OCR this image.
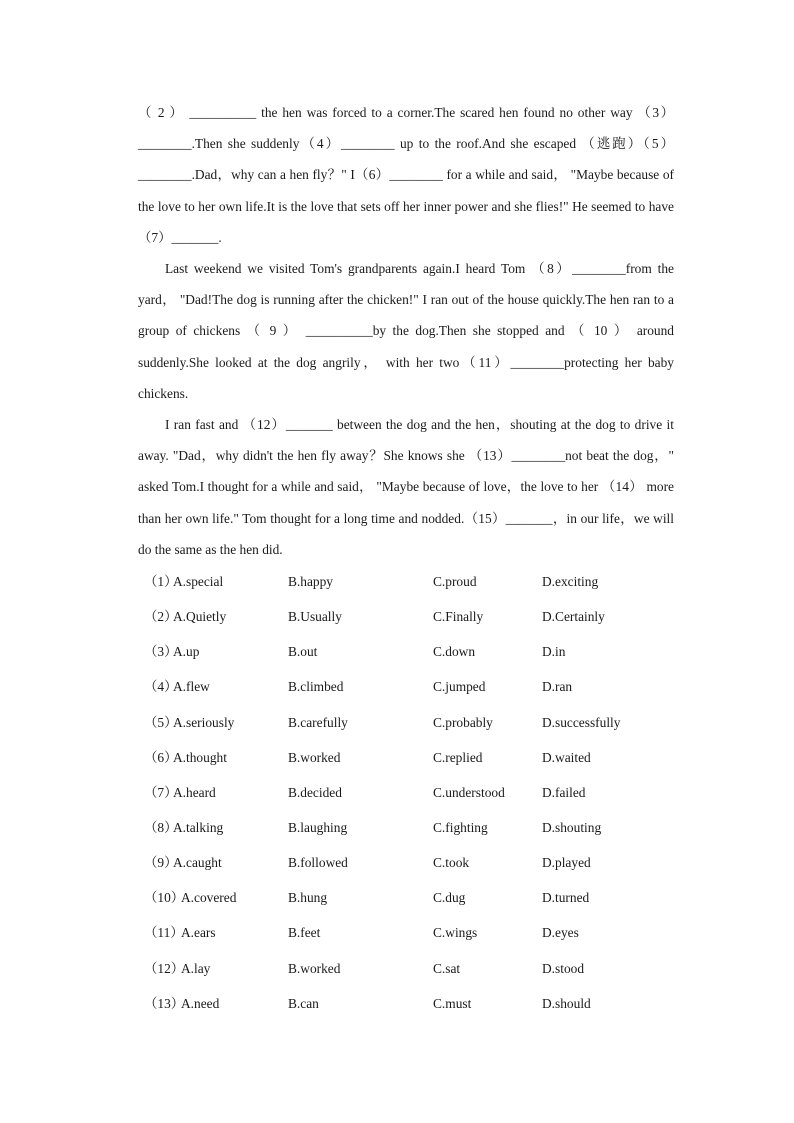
（ 2 ） __________ the hen was forced to a corner.The scared hen found no other way （3）________.Then she suddenly（4）________ up to the roof.And she escaped （逃跑）（5）________.Dad，why can a hen fly？" I（6）________ for a while and said， "Maybe because of the love to her own life.It is the love that sets off her inner power and she flies!" He seemed to have（7）_______.

Last weekend we visited Tom's grandparents again.I heard Tom （8）________from the yard， "Dad!The dog is running after the chicken!" I ran out of the house quickly.The hen ran to a group of chickens （ 9 ） __________by the dog.Then she stopped and （ 10 ） around suddenly.She looked at the dog angrily， with her two（11）________protecting her baby chickens.

I ran fast and （12）_______ between the dog and the hen，shouting at the dog to drive it away. "Dad，why didn't the hen fly away？She knows she （13）________not beat the dog，" asked Tom.I thought for a while and said， "Maybe because of love，the love to her （14） more than her own life." Tom thought for a long time and nodded.（15）_______，in our life，we will do the same as the hen did.

（1）
A.special	B.happy	C.proud	D.exciting
（2）
A.Quietly	B.Usually	C.Finally	D.Certainly
（3）
A.up	B.out	C.down	D.in
（4）
A.flew	B.climbed	C.jumped	D.ran
（5）
A.seriously	B.carefully	C.probably	D.successfully
（6）
A.thought	B.worked	C.replied	D.waited
（7）
A.heard	B.decided	C.understood	D.failed
（8）
A.talking	B.laughing	C.fighting	D.shouting
（9）
A.caught	B.followed	C.took	D.played
（10）
A.covered	B.hung	C.dug	D.turned
（11）
A.ears	B.feet	C.wings	D.eyes
（12）
A.lay	B.worked	C.sat	D.stood
（13）
A.need	B.can	C.must	D.should
